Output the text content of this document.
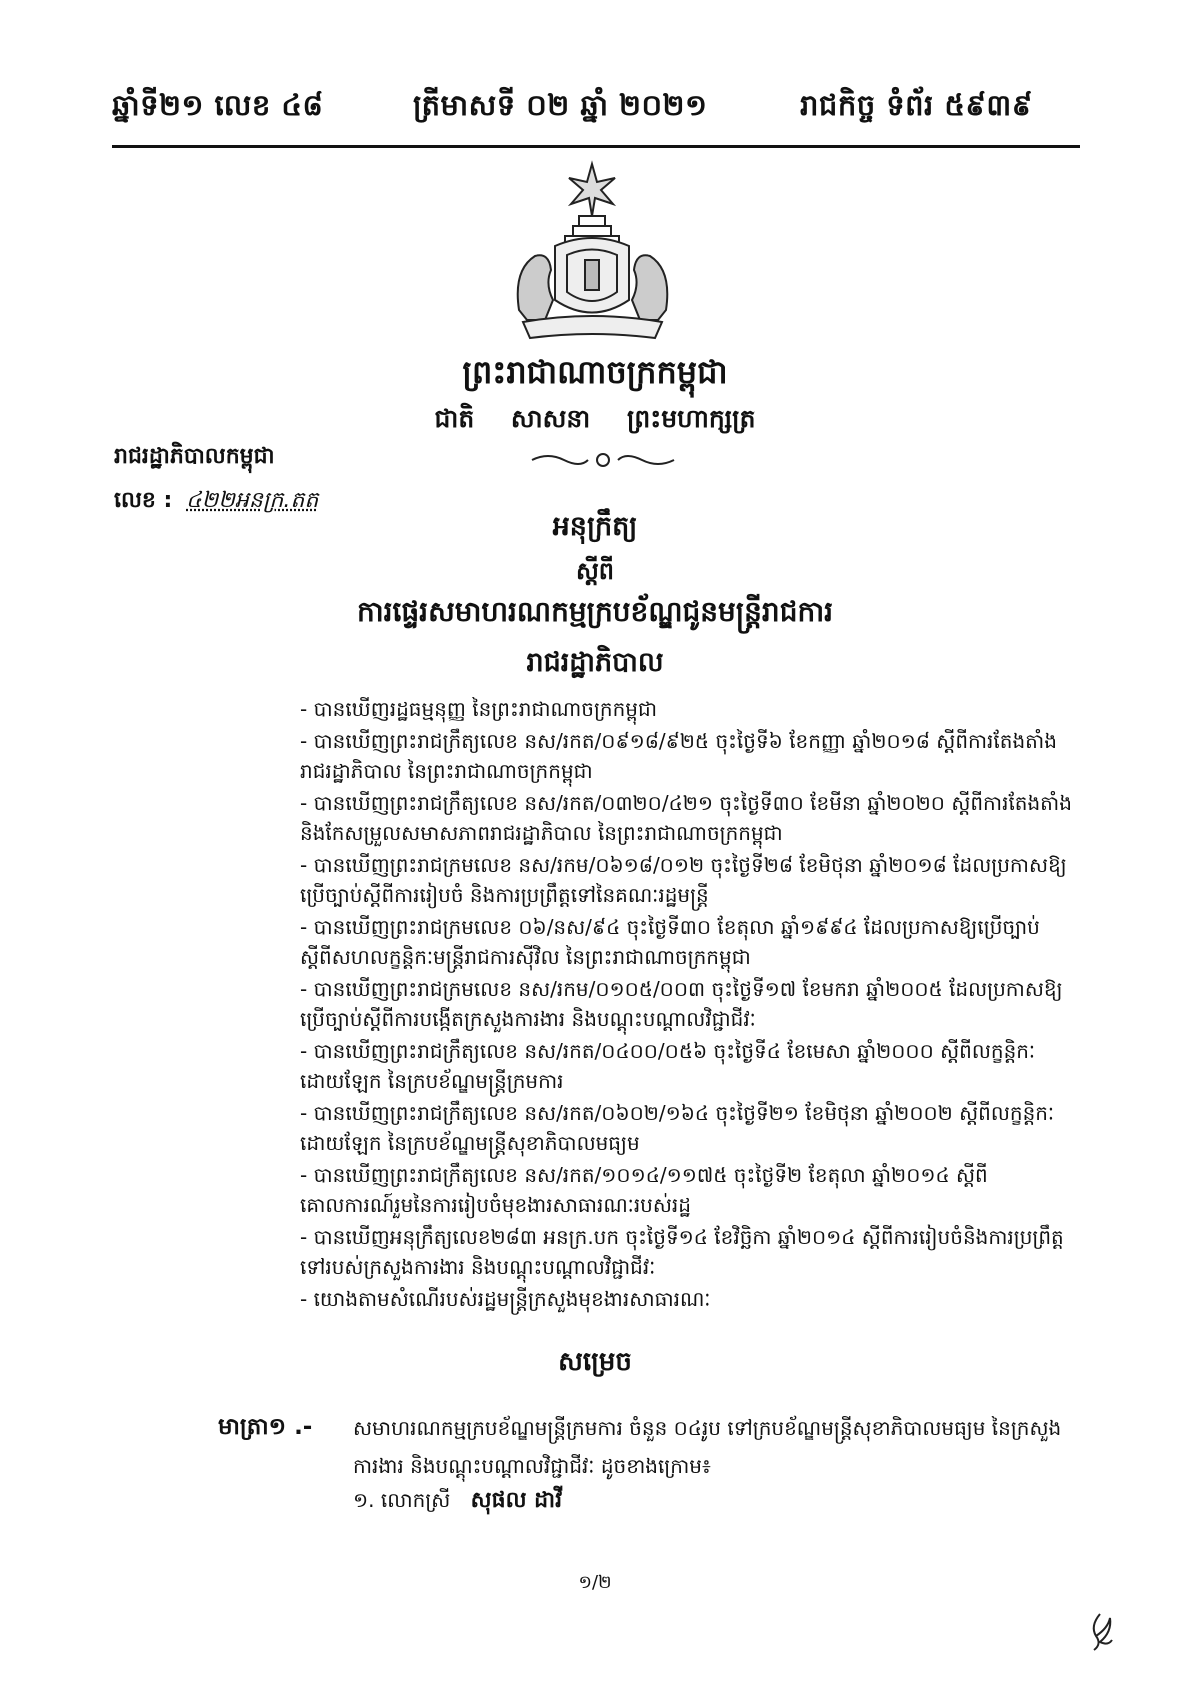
ឆ្នាំទី២១ លេខ ៤៨	ត្រីមាសទី ០២ ឆ្នាំ ២០២១	រាជកិច្ច ទំព័រ ៥៩៣៩
ព្រះរាជាណាចក្រកម្ពុជា
ជាតិ សាសនា ព្រះមហាក្សត្រ
រាជរដ្ឋាភិបាលកម្ពុជា
លេខ : ៤២២អនក្រ.តត
អនុក្រឹត្យ
ស្តីពី
ការផ្ទេរសមាហរណកម្មក្របខ័ណ្ឌជូនមន្ត្រីរាជការ
រាជរដ្ឋាភិបាល
- បានឃើញរដ្ឋធម្មនុញ្ញ នៃព្រះរាជាណាចក្រកម្ពុជា
- បានឃើញព្រះរាជក្រឹត្យលេខ នស/រកត/០៩១៨/៩២៥ ចុះថ្ងៃទី៦ ខែកញ្ញា ឆ្នាំ២០១៨ ស្តីពីការតែងតាំងរាជរដ្ឋាភិបាល នៃព្រះរាជាណាចក្រកម្ពុជា
- បានឃើញព្រះរាជក្រឹត្យលេខ នស/រកត/០៣២០/៤២១ ចុះថ្ងៃទី៣០ ខែមីនា ឆ្នាំ២០២០ ស្តីពីការតែងតាំង និងកែសម្រួលសមាសភាពរាជរដ្ឋាភិបាល នៃព្រះរាជាណាចក្រកម្ពុជា
- បានឃើញព្រះរាជក្រមលេខ នស/រកម/០៦១៨/០១២ ចុះថ្ងៃទី២៨ ខែមិថុនា ឆ្នាំ២០១៨ ដែលប្រកាសឱ្យប្រើច្បាប់ស្តីពីការរៀបចំ និងការប្រព្រឹត្តទៅនៃគណៈរដ្ឋមន្ត្រី
- បានឃើញព្រះរាជក្រមលេខ ០៦/នស/៩៤ ចុះថ្ងៃទី៣០ ខែតុលា ឆ្នាំ១៩៩៤ ដែលប្រកាសឱ្យប្រើច្បាប់ស្តីពីសហលក្ខន្តិកៈមន្ត្រីរាជការស៊ីវិល នៃព្រះរាជាណាចក្រកម្ពុជា
- បានឃើញព្រះរាជក្រមលេខ នស/រកម/០១០៥/០០៣ ចុះថ្ងៃទី១៧ ខែមករា ឆ្នាំ២០០៥ ដែលប្រកាសឱ្យប្រើច្បាប់ស្តីពីការបង្កើតក្រសួងការងារ និងបណ្តុះបណ្តាលវិជ្ជាជីវៈ
- បានឃើញព្រះរាជក្រឹត្យលេខ នស/រកត/០៤០០/០៥៦ ចុះថ្ងៃទី៤ ខែមេសា ឆ្នាំ២០០០ ស្តីពីលក្ខន្តិកៈដោយឡែក នៃក្របខ័ណ្ឌមន្ត្រីក្រមការ
- បានឃើញព្រះរាជក្រឹត្យលេខ នស/រកត/០៦០២/១៦៤ ចុះថ្ងៃទី២១ ខែមិថុនា ឆ្នាំ២០០២ ស្តីពីលក្ខន្តិកៈដោយឡែក នៃក្របខ័ណ្ឌមន្ត្រីសុខាភិបាលមធ្យម
- បានឃើញព្រះរាជក្រឹត្យលេខ នស/រកត/១០១៤/១១៧៥ ចុះថ្ងៃទី២ ខែតុលា ឆ្នាំ២០១៤ ស្តីពីគោលការណ៍រួមនៃការរៀបចំមុខងារសាធារណៈរបស់រដ្ឋ
- បានឃើញអនុក្រឹត្យលេខ២៨៣ អនក្រ.បក ចុះថ្ងៃទី១៤ ខែវិច្ឆិកា ឆ្នាំ២០១៤ ស្តីពីការរៀបចំនិងការប្រព្រឹត្តទៅរបស់ក្រសួងការងារ និងបណ្តុះបណ្តាលវិជ្ជាជីវៈ
- យោងតាមសំណើរបស់រដ្ឋមន្ត្រីក្រសួងមុខងារសាធារណៈ
សម្រេច
មាត្រា១ .- សមាហរណកម្មក្របខ័ណ្ឌមន្ត្រីក្រមការ ចំនួន ០៤រូប ទៅក្របខ័ណ្ឌមន្ត្រីសុខាភិបាលមធ្យម នៃក្រសួងការងារ និងបណ្តុះបណ្តាលវិជ្ជាជីវៈ ដូចខាងក្រោម៖
១. លោកស្រី សុផល ដាវី
១/២
